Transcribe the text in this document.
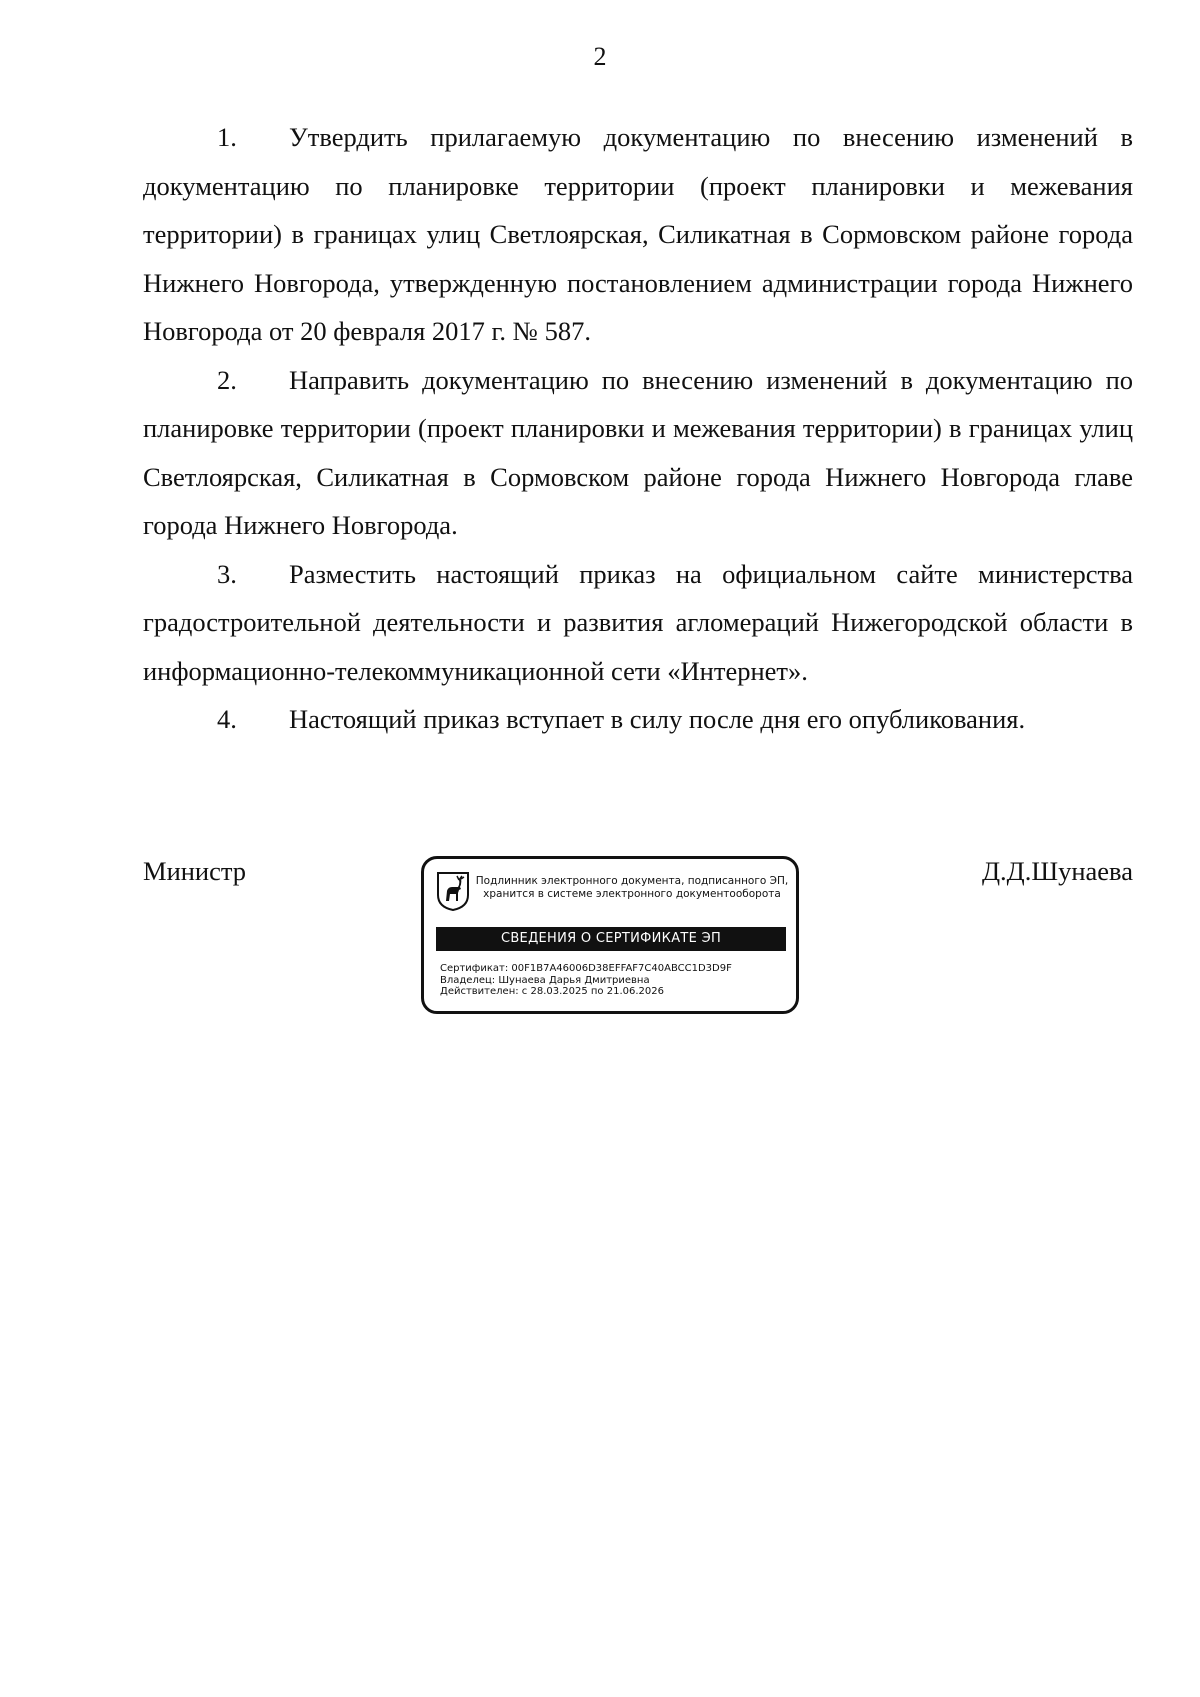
2

1. Утвердить прилагаемую документацию по внесению изменений в документацию по планировке территории (проект планировки и межевания территории) в границах улиц Светлоярская, Силикатная в Сормовском районе города Нижнего Новгорода, утвержденную постановлением администрации города Нижнего Новгорода от 20 февраля 2017 г. № 587.

2. Направить документацию по внесению изменений в документацию по планировке территории (проект планировки и межевания территории) в границах улиц Светлоярская, Силикатная в Сормовском районе города Нижнего Новгорода главе города Нижнего Новгорода.

3. Разместить настоящий приказ на официальном сайте министерства градостроительной деятельности и развития агломераций Нижегородской области в информационно-телекоммуникационной сети «Интернет».

4. Настоящий приказ вступает в силу после дня его опубликования.

Министр	Д.Д.Шунаева
Подлинник электронного документа, подписанного ЭП,
хранится в системе электронного документооборота
СВЕДЕНИЯ О СЕРТИФИКАТЕ ЭП
Сертификат: 00F1B7A46006D38EFFAF7C40ABCC1D3D9F
Владелец: Шунаева Дарья Дмитриевна
Действителен: с 28.03.2025 по 21.06.2026
